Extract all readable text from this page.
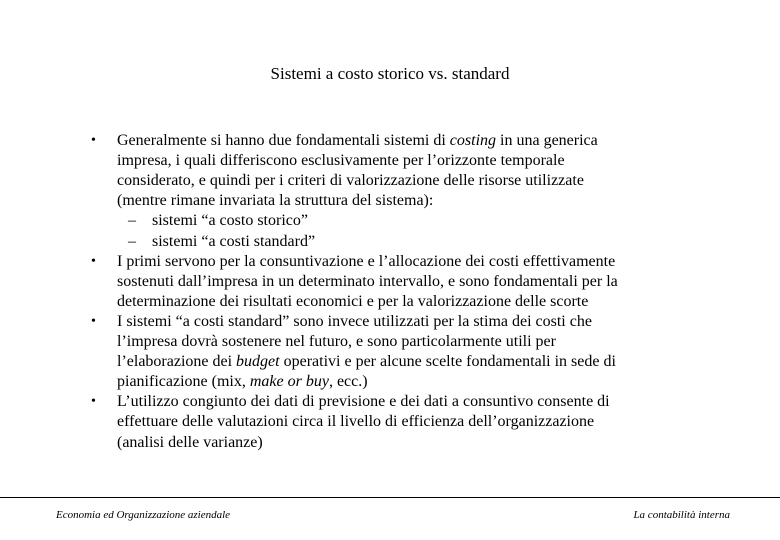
Sistemi a costo storico vs. standard
• Generalmente si hanno due fondamentali sistemi di costing in una generica
impresa, i quali differiscono esclusivamente per l’orizzonte temporale
considerato, e quindi per i criteri di valorizzazione delle risorse utilizzate
(mentre rimane invariata la struttura del sistema):
– sistemi “a costo storico”
– sistemi “a costi standard”
• I primi servono per la consuntivazione e l’allocazione dei costi effettivamente
sostenuti dall’impresa in un determinato intervallo, e sono fondamentali per la
determinazione dei risultati economici e per la valorizzazione delle scorte
• I sistemi “a costi standard” sono invece utilizzati per la stima dei costi che
l’impresa dovrà sostenere nel futuro, e sono particolarmente utili per
l’elaborazione dei budget operativi e per alcune scelte fondamentali in sede di
pianificazione (mix, make or buy, ecc.)
• L’utilizzo congiunto dei dati di previsione e dei dati a consuntivo consente di
effettuare delle valutazioni circa il livello di efficienza dell’organizzazione
(analisi delle varianze)
Economia ed Organizzazione aziendale	La contabilità interna
